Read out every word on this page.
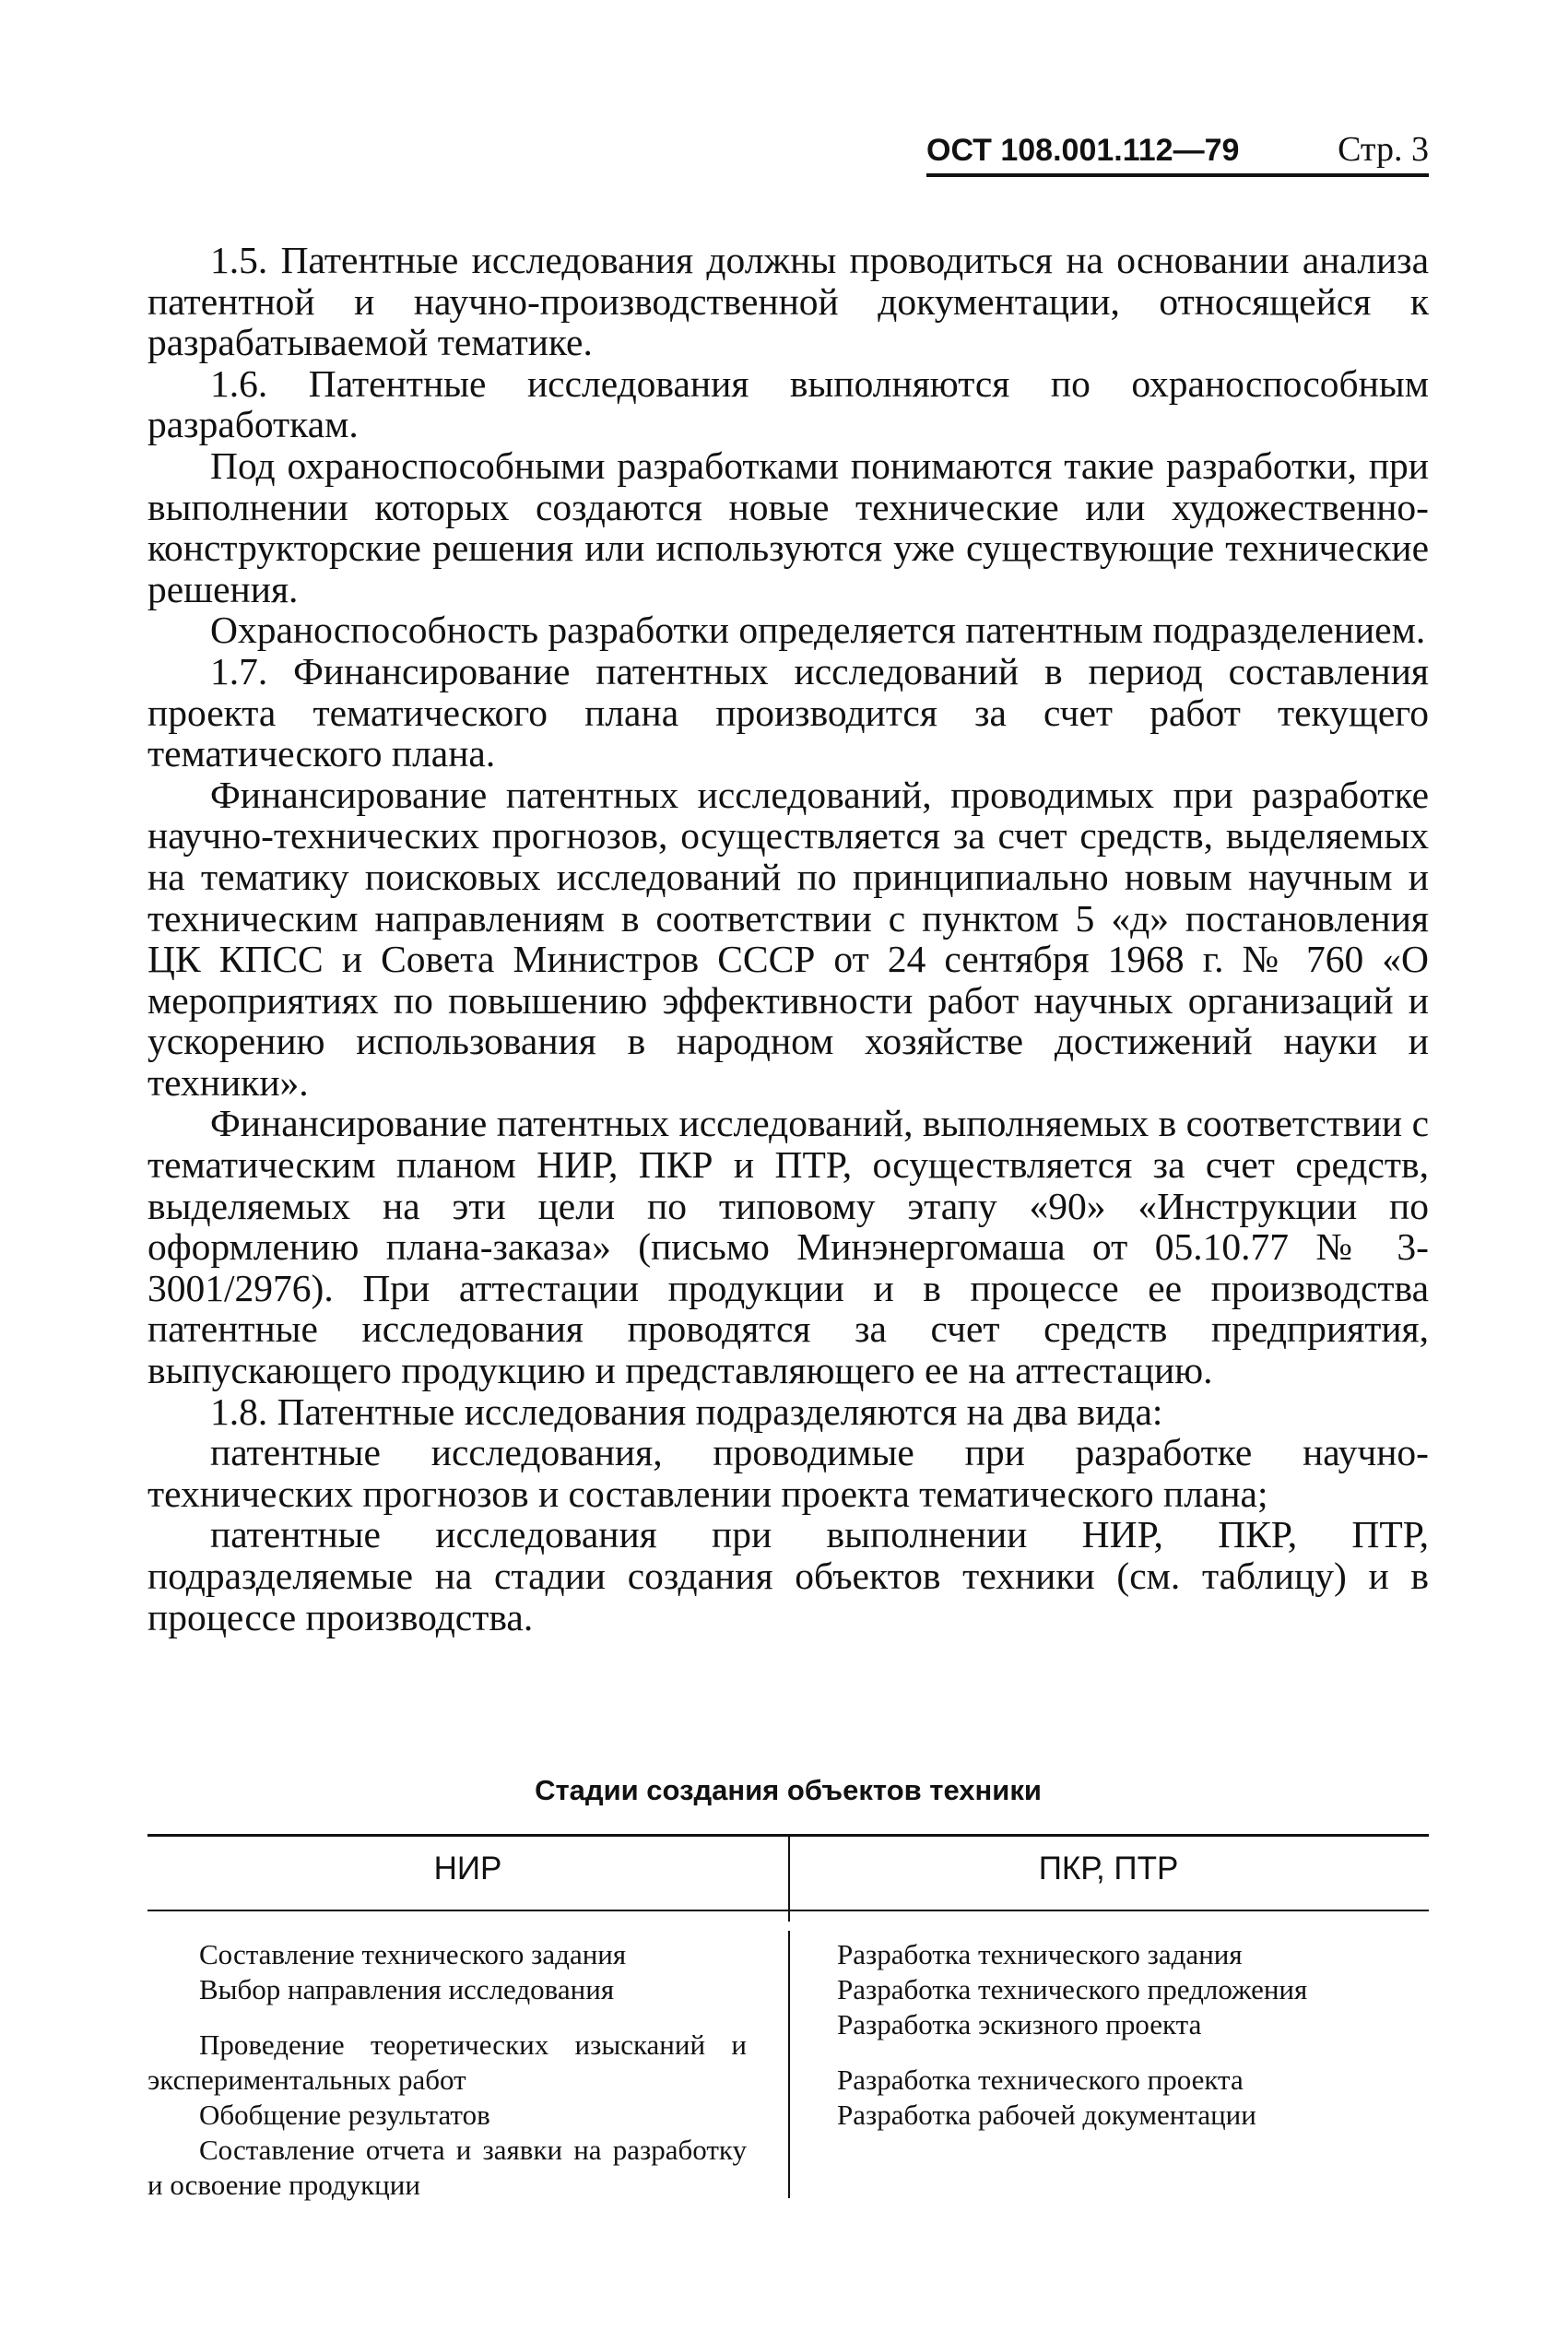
ОСТ 108.001.112—79	Стр. 3

1.5. Патентные исследования должны проводиться на основании анализа патентной и научно-производственной документации, относящейся к разрабатываемой тематике.

1.6. Патентные исследования выполняются по охраноспособным разработкам.

Под охраноспособными разработками понимаются такие разработки, при выполнении которых создаются новые технические или художественно-конструкторские решения или используются уже существующие технические решения.

Охраноспособность разработки определяется патентным подразделением.

1.7. Финансирование патентных исследований в период составления проекта тематического плана производится за счет работ текущего тематического плана.

Финансирование патентных исследований, проводимых при разработке научно-технических прогнозов, осуществляется за счет средств, выделяемых на тематику поисковых исследований по принципиально новым научным и техническим направлениям в соответствии с пунктом 5 «д» постановления ЦК КПСС и Совета Министров СССР от 24 сентября 1968 г. № 760 «О мероприятиях по повышению эффективности работ научных организаций и ускорению использования в народном хозяйстве достижений науки и техники».

Финансирование патентных исследований, выполняемых в соответствии с тематическим планом НИР, ПКР и ПТР, осуществляется за счет средств, выделяемых на эти цели по типовому этапу «90» «Инструкции по оформлению плана-заказа» (письмо Минэнергомаша от 05.10.77 № 3-3001/2976). При аттестации продукции и в процессе ее производства патентные исследования проводятся за счет средств предприятия, выпускающего продукцию и представляющего ее на аттестацию.

1.8. Патентные исследования подразделяются на два вида:

патентные исследования, проводимые при разработке научно-технических прогнозов и составлении проекта тематического плана;

патентные исследования при выполнении НИР, ПКР, ПТР, подразделяемые на стадии создания объектов техники (см. таблицу) и в процессе производства.

Стадии создания объектов техники
НИР	ПКР, ПТР
Составление технического задания
Выбор направления исследования
Проведение теоретических изысканий и экспериментальных работ
Обобщение результатов
Составление отчета и заявки на разработку и освоение продукции
Разработка технического задания
Разработка технического предложения
Разработка эскизного проекта
Разработка технического проекта
Разработка рабочей документации
